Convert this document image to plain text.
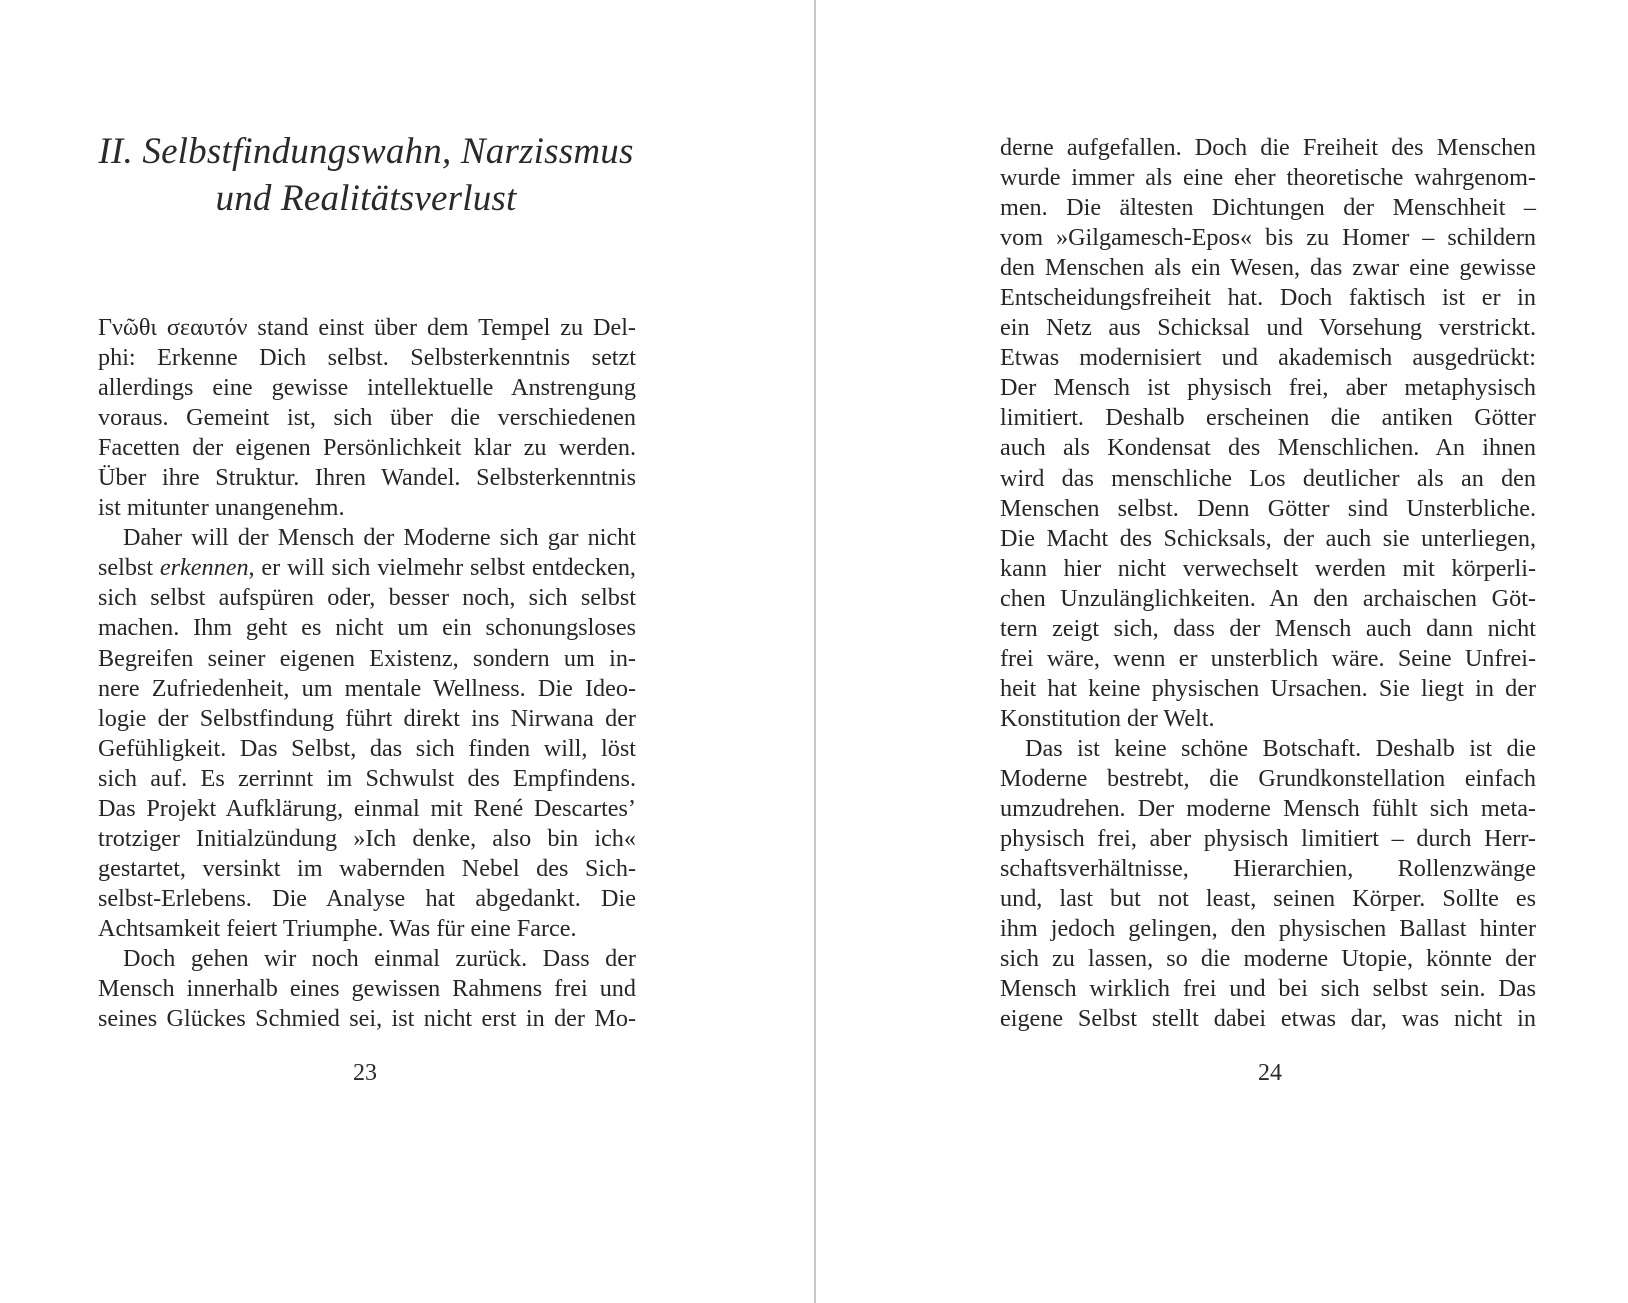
II. Selbstfindungswahn, Narzissmus
und Realitätsverlust
Γνῶθι σεαυτόν stand einst über dem Tempel zu Del-
phi: Erkenne Dich selbst. Selbsterkenntnis setzt
allerdings eine gewisse intellektuelle Anstrengung
voraus. Gemeint ist, sich über die verschiedenen
Facetten der eigenen Persönlichkeit klar zu werden.
Über ihre Struktur. Ihren Wandel. Selbsterkenntnis
ist mitunter unangenehm.
Daher will der Mensch der Moderne sich gar nicht
selbst erkennen, er will sich vielmehr selbst entdecken,
sich selbst aufspüren oder, besser noch, sich selbst
machen. Ihm geht es nicht um ein schonungsloses
Begreifen seiner eigenen Existenz, sondern um in-
nere Zufriedenheit, um mentale Wellness. Die Ideo-
logie der Selbstfindung führt direkt ins Nirwana der
Gefühligkeit. Das Selbst, das sich finden will, löst
sich auf. Es zerrinnt im Schwulst des Empfindens.
Das Projekt Aufklärung, einmal mit René Descartes’
trotziger Initialzündung »Ich denke, also bin ich«
gestartet, versinkt im wabernden Nebel des Sich-
selbst-Erlebens. Die Analyse hat abgedankt. Die
Achtsamkeit feiert Triumphe. Was für eine Farce.
Doch gehen wir noch einmal zurück. Dass der
Mensch innerhalb eines gewissen Rahmens frei und
seines Glückes Schmied sei, ist nicht erst in der Mo-
23
derne aufgefallen. Doch die Freiheit des Menschen
wurde immer als eine eher theoretische wahrgenom-
men. Die ältesten Dichtungen der Menschheit –
vom »Gilgamesch-Epos« bis zu Homer – schildern
den Menschen als ein Wesen, das zwar eine gewisse
Entscheidungsfreiheit hat. Doch faktisch ist er in
ein Netz aus Schicksal und Vorsehung verstrickt.
Etwas modernisiert und akademisch ausgedrückt:
Der Mensch ist physisch frei, aber metaphysisch
limitiert. Deshalb erscheinen die antiken Götter
auch als Kondensat des Menschlichen. An ihnen
wird das menschliche Los deutlicher als an den
Menschen selbst. Denn Götter sind Unsterbliche.
Die Macht des Schicksals, der auch sie unterliegen,
kann hier nicht verwechselt werden mit körperli-
chen Unzulänglichkeiten. An den archaischen Göt-
tern zeigt sich, dass der Mensch auch dann nicht
frei wäre, wenn er unsterblich wäre. Seine Unfrei-
heit hat keine physischen Ursachen. Sie liegt in der
Konstitution der Welt.
Das ist keine schöne Botschaft. Deshalb ist die
Moderne bestrebt, die Grundkonstellation einfach
umzudrehen. Der moderne Mensch fühlt sich meta-
physisch frei, aber physisch limitiert – durch Herr-
schaftsverhältnisse, Hierarchien, Rollenzwänge
und, last but not least, seinen Körper. Sollte es
ihm jedoch gelingen, den physischen Ballast hinter
sich zu lassen, so die moderne Utopie, könnte der
Mensch wirklich frei und bei sich selbst sein. Das
eigene Selbst stellt dabei etwas dar, was nicht in
24
